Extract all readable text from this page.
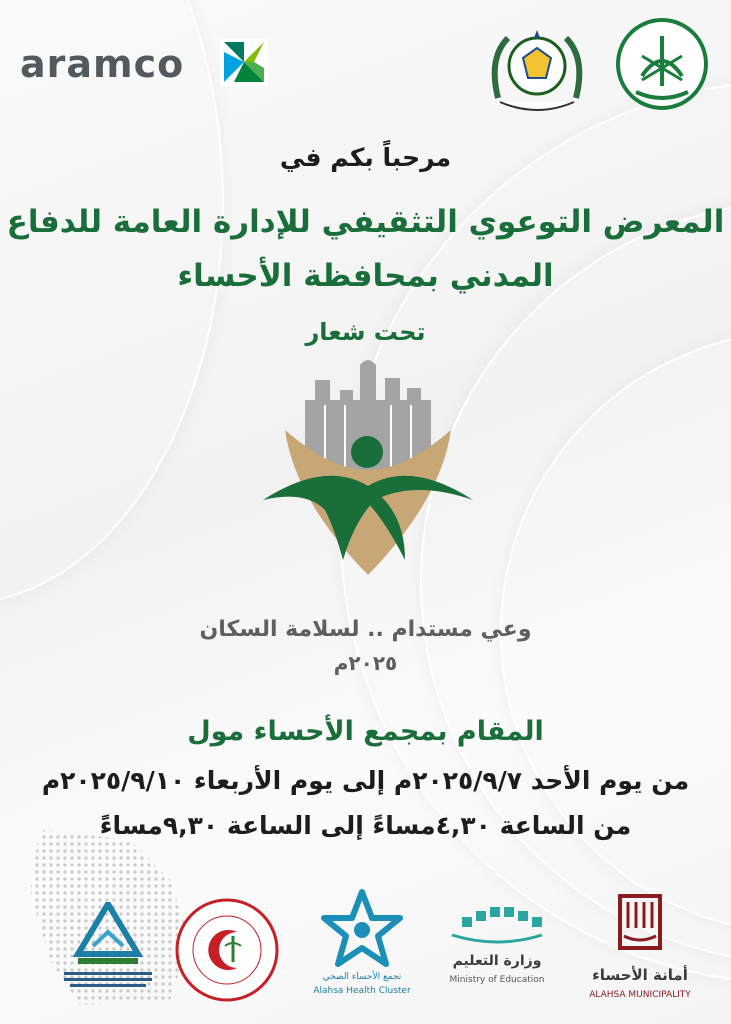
aramco

مرحباً بكم في

المعرض التوعوي التثقيفي للإدارة العامة للدفاع

المدني بمحافظة الأحساء

تحت شعار

وعي مستدام .. لسلامة السكان

٢٠٢٥م

المقام بمجمع الأحساء مول

من يوم الأحد ٢٠٢٥/٩/٧م إلى يوم الأربعاء ٢٠٢٥/٩/١٠م

من الساعة ٤,٣٠مساءً إلى الساعة ٩,٣٠مساءً

تجمع الأحساء الصحي
Alahsa Health Cluster
وزارة التعليم
Ministry of Education	أمانة الأحساء
ALAHSA MUNICIPALITY
